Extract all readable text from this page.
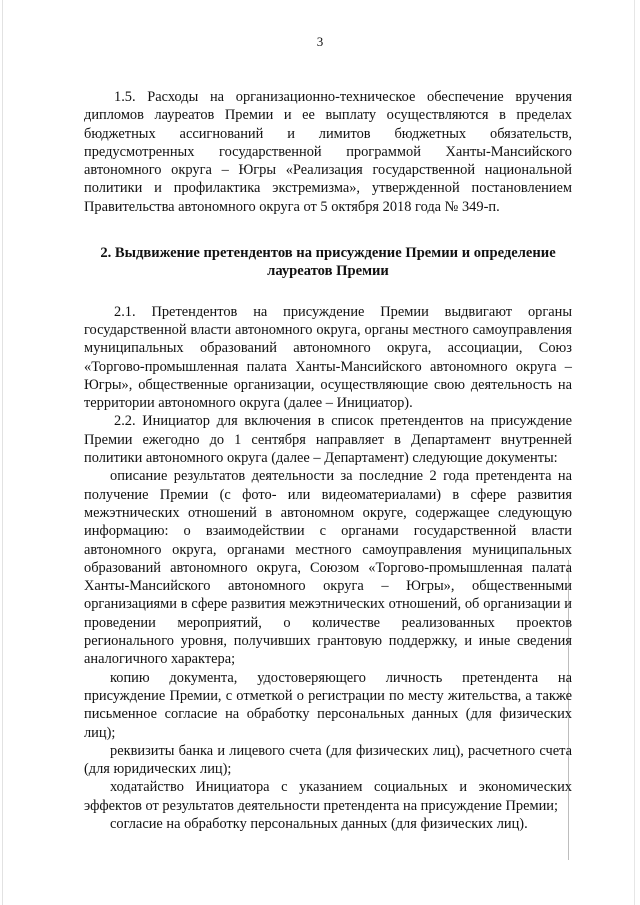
3

1.5. Расходы на организационно-техническое обеспечение вручения дипломов лауреатов Премии и ее выплату осуществляются в пределах бюджетных ассигнований и лимитов бюджетных обязательств, предусмотренных государственной программой Ханты-Мансийского автономного округа – Югры «Реализация государственной национальной политики и профилактика экстремизма», утвержденной постановлением Правительства автономного округа от 5 октября 2018 года № 349-п.

2. Выдвижение претендентов на присуждение Премии и определение лауреатов Премии

2.1. Претендентов на присуждение Премии выдвигают органы государственной власти автономного округа, органы местного самоуправления муниципальных образований автономного округа, ассоциации, Союз «Торгово-промышленная палата Ханты-Мансийского автономного округа – Югры», общественные организации, осуществляющие свою деятельность на территории автономного округа (далее – Инициатор).

2.2. Инициатор для включения в список претендентов на присуждение Премии ежегодно до 1 сентября направляет в Департамент внутренней политики автономного округа (далее – Департамент) следующие документы:

описание результатов деятельности за последние 2 года претендента на получение Премии (с фото- или видеоматериалами) в сфере развития межэтнических отношений в автономном округе, содержащее следующую информацию: о взаимодействии с органами государственной власти автономного округа, органами местного самоуправления муниципальных образований автономного округа, Союзом «Торгово-промышленная палата Ханты-Мансийского автономного округа – Югры», общественными организациями в сфере развития межэтнических отношений, об организации и проведении мероприятий, о количестве реализованных проектов регионального уровня, получивших грантовую поддержку, и иные сведения аналогичного характера;

копию документа, удостоверяющего личность претендента на присуждение Премии, с отметкой о регистрации по месту жительства, а также письменное согласие на обработку персональных данных (для физических лиц);

реквизиты банка и лицевого счета (для физических лиц), расчетного счета (для юридических лиц);

ходатайство Инициатора с указанием социальных и экономических эффектов от результатов деятельности претендента на присуждение Премии;

согласие на обработку персональных данных (для физических лиц).
